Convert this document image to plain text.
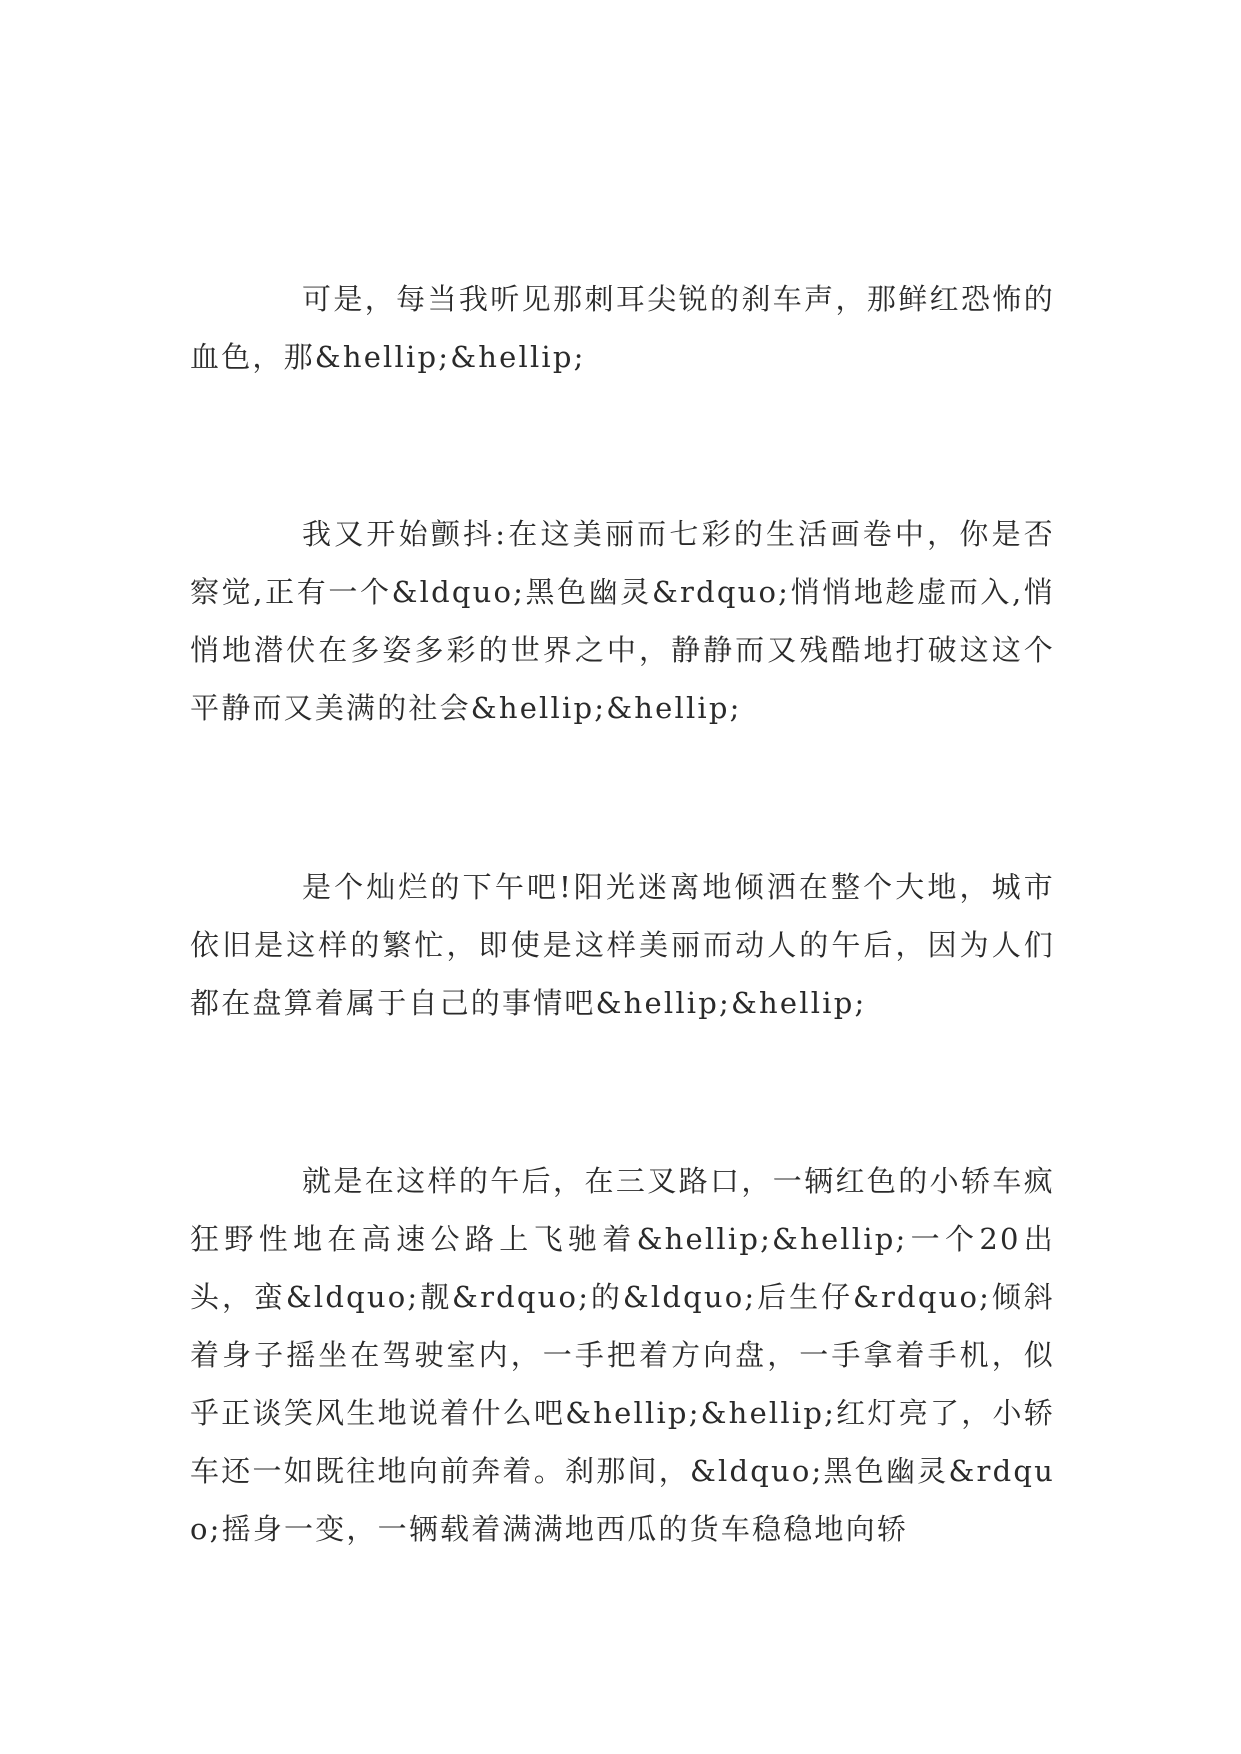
可是，每当我听见那刺耳尖锐的刹车声，那鲜红恐怖的血色，那&hellip;&hellip;

我又开始颤抖:在这美丽而七彩的生活画卷中，你是否察觉,正有一个&ldquo;黑色幽灵&rdquo;悄悄地趁虚而入,悄悄地潜伏在多姿多彩的世界之中，静静而又残酷地打破这这个平静而又美满的社会&hellip;&hellip;

是个灿烂的下午吧!阳光迷离地倾洒在整个大地，城市依旧是这样的繁忙，即使是这样美丽而动人的午后，因为人们都在盘算着属于自己的事情吧&hellip;&hellip;

就是在这样的午后，在三叉路口，一辆红色的小轿车疯狂野性地在高速公路上飞驰着&hellip;&hellip;一个20出头，蛮&ldquo;靓&rdquo;的&ldquo;后生仔&rdquo;倾斜着身子摇坐在驾驶室内，一手把着方向盘，一手拿着手机，似乎正谈笑风生地说着什么吧&hellip;&hellip;红灯亮了，小轿车还一如既往地向前奔着。刹那间，&ldquo;黑色幽灵&rdquo;摇身一变，一辆载着满满地西瓜的货车稳稳地向轿
